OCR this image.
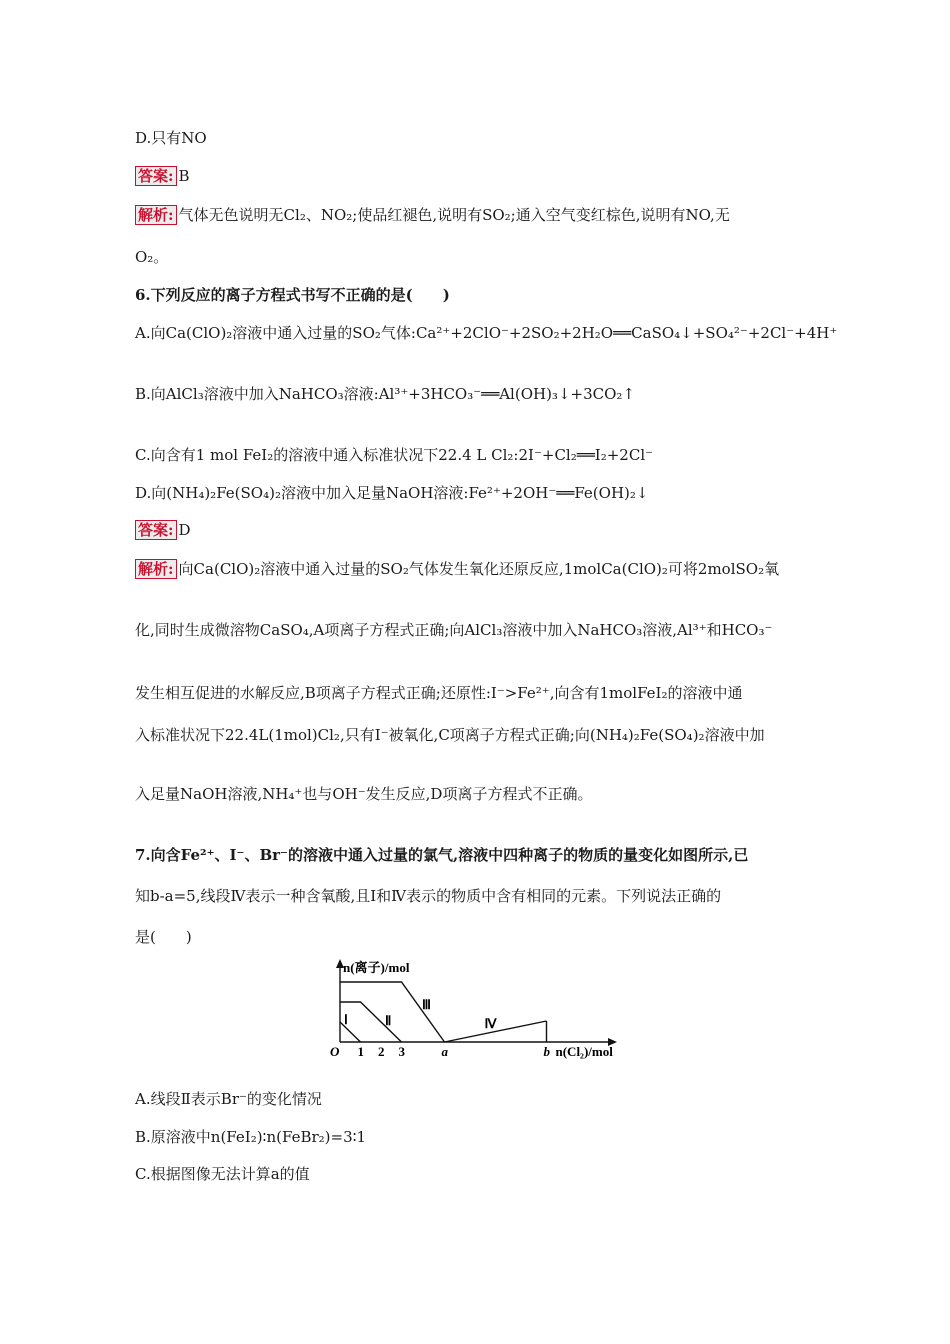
D.只有NO
答案: B
解析: 气体无色说明无Cl₂、NO₂;使品红褪色,说明有SO₂;通入空气变红棕色,说明有NO,无
O₂。
6.下列反应的离子方程式书写不正确的是(　　)
A.向Ca(ClO)₂溶液中通入过量的SO₂气体:Ca²⁺+2ClO⁻+2SO₂+2H₂O══CaSO₄↓+SO₄²⁻+2Cl⁻+4H⁺
B.向AlCl₃溶液中加入NaHCO₃溶液:Al³⁺+3HCO₃⁻══Al(OH)₃↓+3CO₂↑
C.向含有1 mol FeI₂的溶液中通入标准状况下22.4 L Cl₂:2I⁻+Cl₂══I₂+2Cl⁻
D.向(NH₄)₂Fe(SO₄)₂溶液中加入足量NaOH溶液:Fe²⁺+2OH⁻══Fe(OH)₂↓
答案: D
解析: 向Ca(ClO)₂溶液中通入过量的SO₂气体发生氧化还原反应,1molCa(ClO)₂可将2molSO₂氧
化,同时生成微溶物CaSO₄,A项离子方程式正确;向AlCl₃溶液中加入NaHCO₃溶液,Al³⁺和HCO₃⁻
发生相互促进的水解反应,B项离子方程式正确;还原性:I⁻>Fe²⁺,向含有1molFeI₂的溶液中通
入标准状况下22.4L(1mol)Cl₂,只有I⁻被氧化,C项离子方程式正确;向(NH₄)₂Fe(SO₄)₂溶液中加
入足量NaOH溶液,NH₄⁺也与OH⁻发生反应,D项离子方程式不正确。
7.向含Fe²⁺、I⁻、Br⁻的溶液中通入过量的氯气,溶液中四种离子的物质的量变化如图所示,已
知b-a=5,线段Ⅳ表示一种含氧酸,且Ⅰ和Ⅳ表示的物质中含有相同的元素。下列说法正确的
是(　　)
n(离子)/mol
O 1 2 3	a	b n(Cl₂)/mol
Ⅰ	Ⅱ
Ⅲ
Ⅳ
A.线段Ⅱ表示Br⁻的变化情况
B.原溶液中n(FeI₂)∶n(FeBr₂)=3∶1
C.根据图像无法计算a的值
